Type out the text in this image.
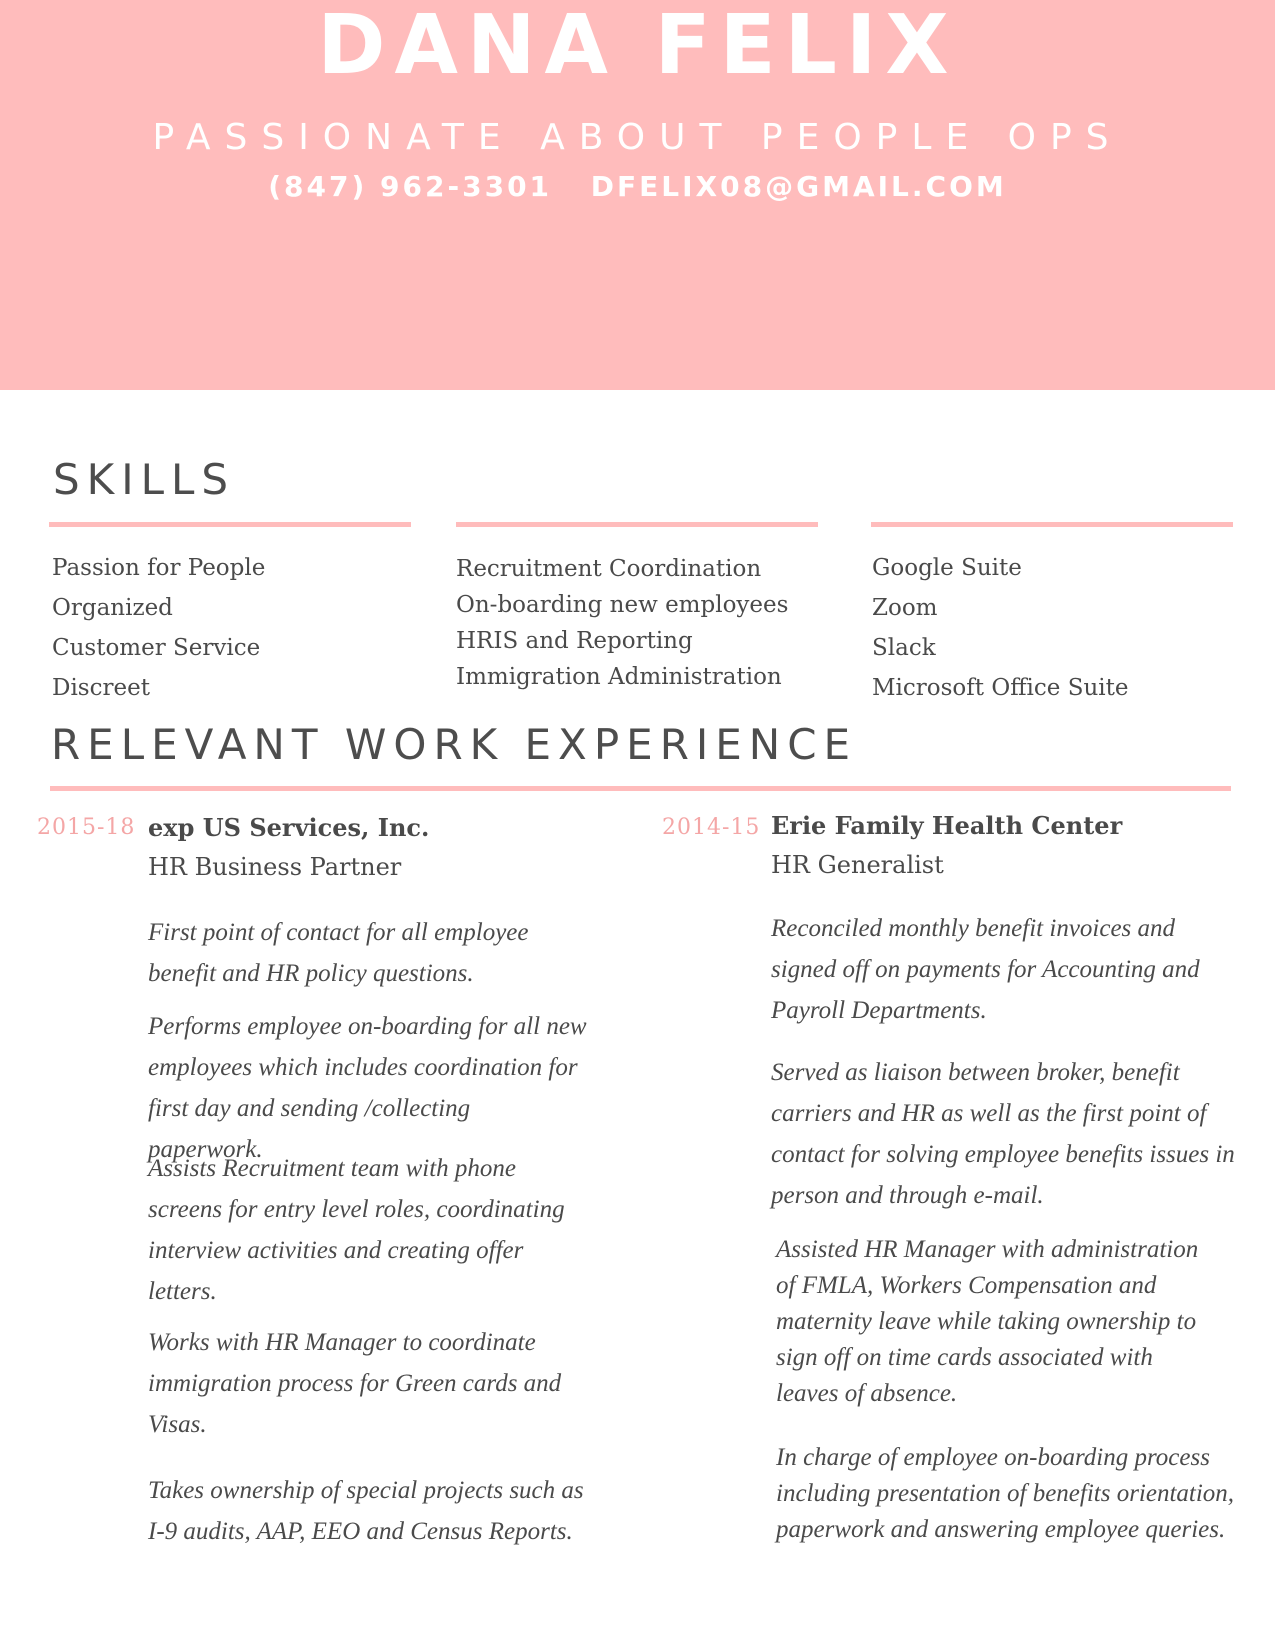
DANA FELIX
PASSIONATE ABOUT PEOPLE OPS
(847) 962-3301 DFELIX08@GMAIL.COM
SKILLS
Passion for People
Organized
Customer Service
Discreet
Recruitment Coordination
On-boarding new employees
HRIS and Reporting
Immigration Administration
Google Suite
Zoom
Slack
Microsoft Office Suite
RELEVANT WORK EXPERIENCE
2015-18 exp US Services, Inc.
HR Business Partner

First point of contact for all employee benefit and HR policy questions.

Performs employee on-boarding for all new employees which includes coordination for first day and sending /collecting paperwork.

Assists Recruitment team with phone screens for entry level roles, coordinating interview activities and creating offer letters.

Works with HR Manager to coordinate immigration process for Green cards and Visas.

Takes ownership of special projects such as I-9 audits, AAP, EEO and Census Reports.

2014-15 Erie Family Health Center
HR Generalist

Reconciled monthly benefit invoices and signed off on payments for Accounting and Payroll Departments.

Served as liaison between broker, benefit carriers and HR as well as the first point of contact for solving employee benefits issues in person and through e-mail.

Assisted HR Manager with administration of FMLA, Workers Compensation and maternity leave while taking ownership to sign off on time cards associated with leaves of absence.

In charge of employee on-boarding process including presentation of benefits orientation, paperwork and answering employee queries.
